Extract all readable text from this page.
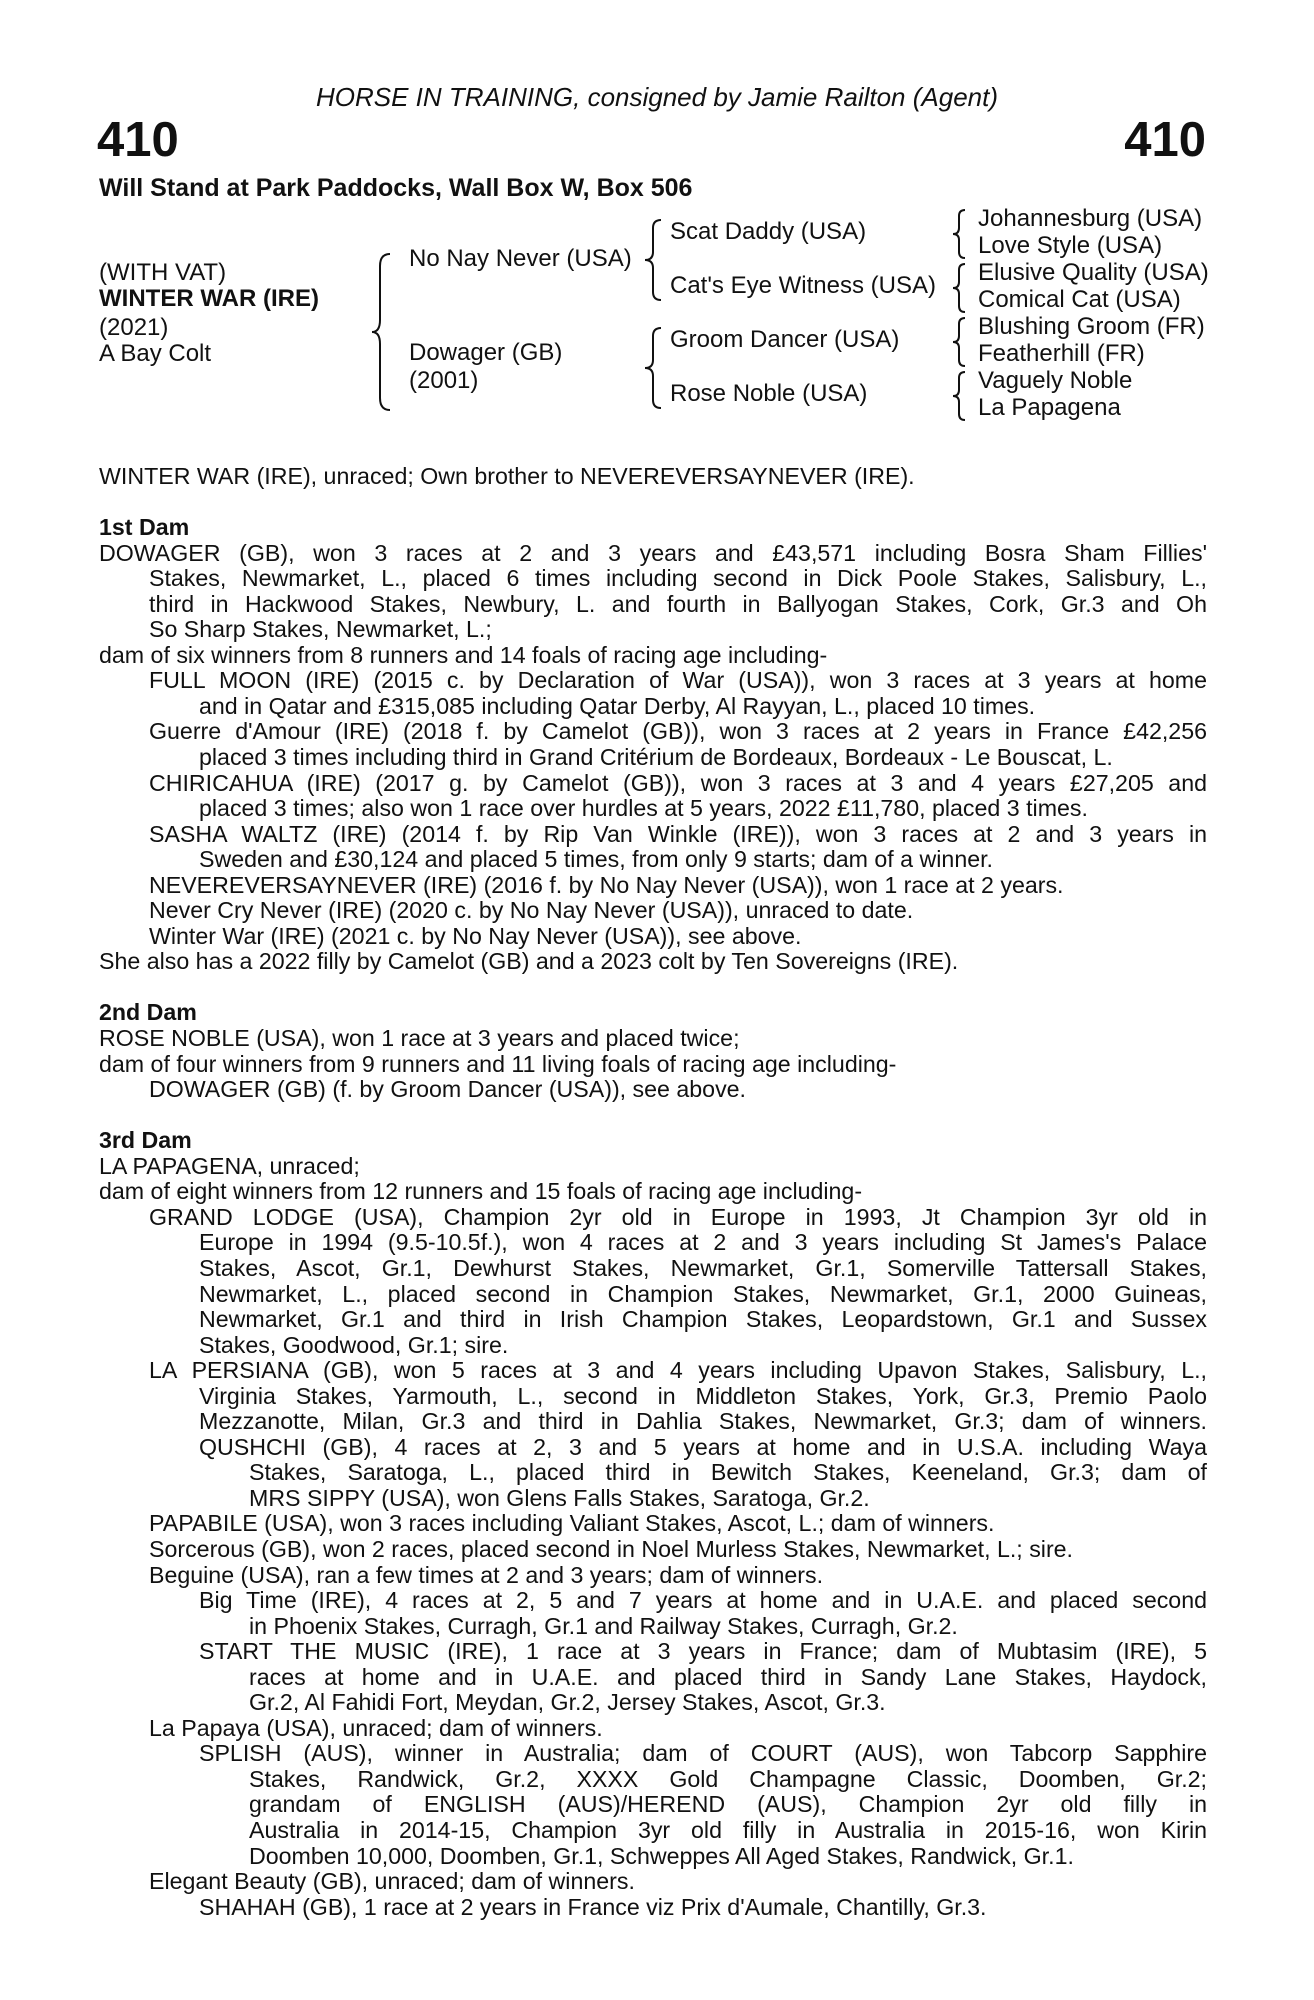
HORSE IN TRAINING, consigned by Jamie Railton (Agent)
410	410
Will Stand at Park Paddocks, Wall Box W, Box 506
(WITH VAT)
WINTER WAR (IRE)
(2021)
A Bay Colt
No Nay Never (USA)
Dowager (GB)
(2001)
Scat Daddy (USA)
Cat's Eye Witness (USA)
Groom Dancer (USA)
Rose Noble (USA)
Johannesburg (USA)
Love Style (USA)
Elusive Quality (USA)
Comical Cat (USA)
Blushing Groom (FR)
Featherhill (FR)
Vaguely Noble
La Papagena

WINTER WAR (IRE), unraced; Own brother to NEVEREVERSAYNEVER (IRE).

1st Dam
DOWAGER (GB), won 3 races at 2 and 3 years and £43,571 including Bosra Sham Fillies'
Stakes, Newmarket, L., placed 6 times including second in Dick Poole Stakes, Salisbury, L.,
third in Hackwood Stakes, Newbury, L. and fourth in Ballyogan Stakes, Cork, Gr.3 and Oh
So Sharp Stakes, Newmarket, L.;
dam of six winners from 8 runners and 14 foals of racing age including-
FULL MOON (IRE) (2015 c. by Declaration of War (USA)), won 3 races at 3 years at home
and in Qatar and £315,085 including Qatar Derby, Al Rayyan, L., placed 10 times.
Guerre d'Amour (IRE) (2018 f. by Camelot (GB)), won 3 races at 2 years in France £42,256
placed 3 times including third in Grand Critérium de Bordeaux, Bordeaux - Le Bouscat, L.
CHIRICAHUA (IRE) (2017 g. by Camelot (GB)), won 3 races at 3 and 4 years £27,205 and
placed 3 times; also won 1 race over hurdles at 5 years, 2022 £11,780, placed 3 times.
SASHA WALTZ (IRE) (2014 f. by Rip Van Winkle (IRE)), won 3 races at 2 and 3 years in
Sweden and £30,124 and placed 5 times, from only 9 starts; dam of a winner.
NEVEREVERSAYNEVER (IRE) (2016 f. by No Nay Never (USA)), won 1 race at 2 years.
Never Cry Never (IRE) (2020 c. by No Nay Never (USA)), unraced to date.
Winter War (IRE) (2021 c. by No Nay Never (USA)), see above.
She also has a 2022 filly by Camelot (GB) and a 2023 colt by Ten Sovereigns (IRE).
2nd Dam
ROSE NOBLE (USA), won 1 race at 3 years and placed twice;
dam of four winners from 9 runners and 11 living foals of racing age including-
DOWAGER (GB) (f. by Groom Dancer (USA)), see above.
3rd Dam
LA PAPAGENA, unraced;
dam of eight winners from 12 runners and 15 foals of racing age including-
GRAND LODGE (USA), Champion 2yr old in Europe in 1993, Jt Champion 3yr old in
Europe in 1994 (9.5-10.5f.), won 4 races at 2 and 3 years including St James's Palace
Stakes, Ascot, Gr.1, Dewhurst Stakes, Newmarket, Gr.1, Somerville Tattersall Stakes,
Newmarket, L., placed second in Champion Stakes, Newmarket, Gr.1, 2000 Guineas,
Newmarket, Gr.1 and third in Irish Champion Stakes, Leopardstown, Gr.1 and Sussex
Stakes, Goodwood, Gr.1; sire.
LA PERSIANA (GB), won 5 races at 3 and 4 years including Upavon Stakes, Salisbury, L.,
Virginia Stakes, Yarmouth, L., second in Middleton Stakes, York, Gr.3, Premio Paolo
Mezzanotte, Milan, Gr.3 and third in Dahlia Stakes, Newmarket, Gr.3; dam of winners.
QUSHCHI (GB), 4 races at 2, 3 and 5 years at home and in U.S.A. including Waya
Stakes, Saratoga, L., placed third in Bewitch Stakes, Keeneland, Gr.3; dam of
MRS SIPPY (USA), won Glens Falls Stakes, Saratoga, Gr.2.
PAPABILE (USA), won 3 races including Valiant Stakes, Ascot, L.; dam of winners.
Sorcerous (GB), won 2 races, placed second in Noel Murless Stakes, Newmarket, L.; sire.
Beguine (USA), ran a few times at 2 and 3 years; dam of winners.
Big Time (IRE), 4 races at 2, 5 and 7 years at home and in U.A.E. and placed second
in Phoenix Stakes, Curragh, Gr.1 and Railway Stakes, Curragh, Gr.2.
START THE MUSIC (IRE), 1 race at 3 years in France; dam of Mubtasim (IRE), 5
races at home and in U.A.E. and placed third in Sandy Lane Stakes, Haydock,
Gr.2, Al Fahidi Fort, Meydan, Gr.2, Jersey Stakes, Ascot, Gr.3.
La Papaya (USA), unraced; dam of winners.
SPLISH (AUS), winner in Australia; dam of COURT (AUS), won Tabcorp Sapphire
Stakes, Randwick, Gr.2, XXXX Gold Champagne Classic, Doomben, Gr.2;
grandam of ENGLISH (AUS)/HEREND (AUS), Champion 2yr old filly in
Australia in 2014-15, Champion 3yr old filly in Australia in 2015-16, won Kirin
Doomben 10,000, Doomben, Gr.1, Schweppes All Aged Stakes, Randwick, Gr.1.
Elegant Beauty (GB), unraced; dam of winners.
SHAHAH (GB), 1 race at 2 years in France viz Prix d'Aumale, Chantilly, Gr.3.
